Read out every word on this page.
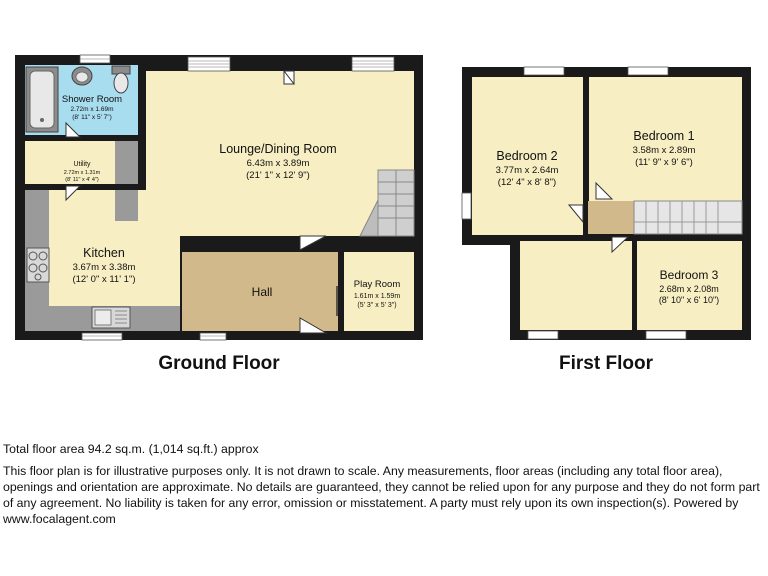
Shower Room
2.72m x 1.69m
(8' 11" x 5' 7")
Utility
2.72m x 1.31m
(8' 11" x 4' 4")
Lounge/Dining Room
6.43m x 3.89m
(21' 1" x 12' 9")
Kitchen
3.67m x 3.38m
(12' 0" x 11' 1")
Hall
Play Room
1.61m x 1.59m
(5' 3" x 5' 3")
Ground Floor
Bedroom 2
3.77m x 2.64m
(12' 4" x 8' 8")
Bedroom 1
3.58m x 2.89m
(11' 9" x 9' 6")
Bedroom 3
2.68m x 2.08m
(8' 10" x 6' 10")
First Floor
Total floor area 94.2 sq.m. (1,014 sq.ft.) approx
This floor plan is for illustrative purposes only. It is not drawn to scale. Any measurements, floor areas (including any total floor area), openings and orientation are approximate. No details are guaranteed, they cannot be relied upon for any purpose and they do not form part of any agreement. No liability is taken for any error, omission or misstatement. A party must rely upon its own inspection(s). Powered by www.focalagent.com
